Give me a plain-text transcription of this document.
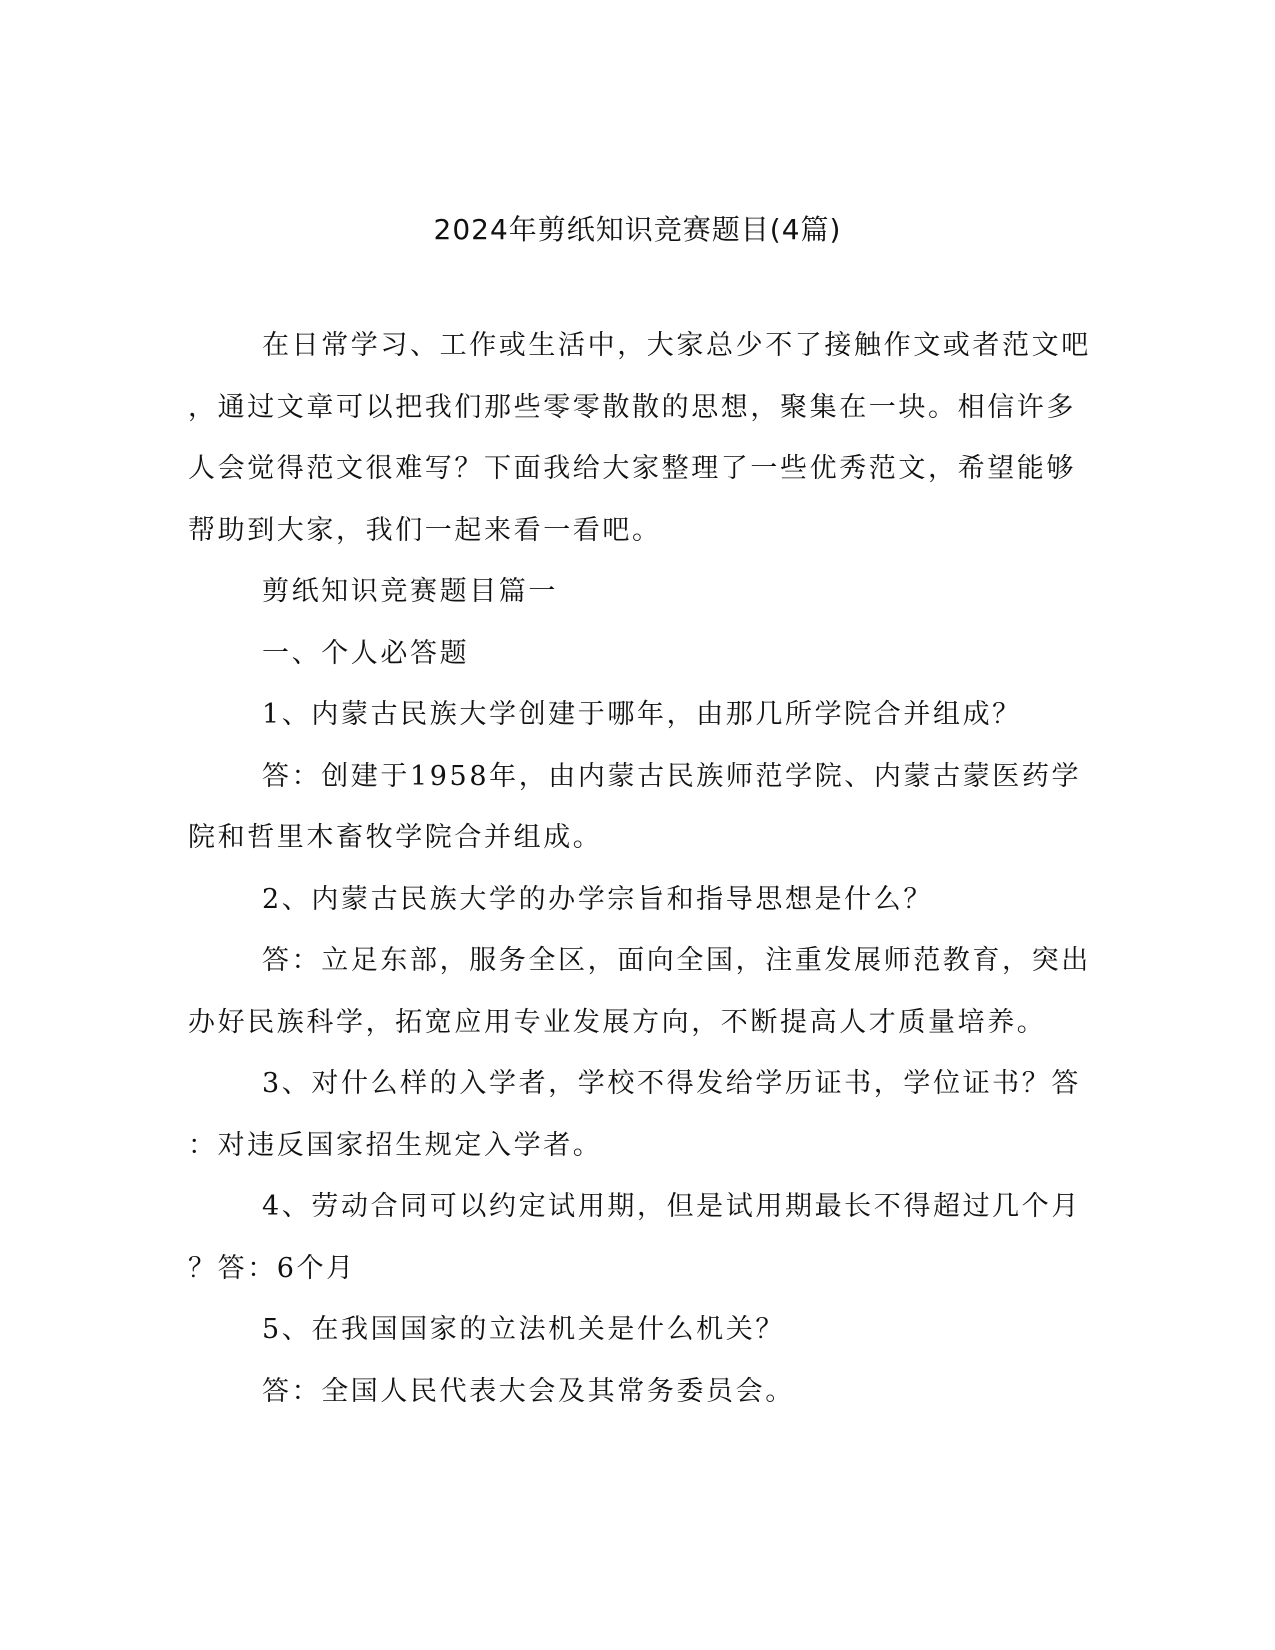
2024年剪纸知识竞赛题目(4篇)
在日常学习、工作或生活中，大家总少不了接触作文或者范文吧
，通过文章可以把我们那些零零散散的思想，聚集在一块。相信许多
人会觉得范文很难写？下面我给大家整理了一些优秀范文，希望能够
帮助到大家，我们一起来看一看吧。
剪纸知识竞赛题目篇一
一、个人必答题
1、内蒙古民族大学创建于哪年，由那几所学院合并组成？
答：创建于1958年，由内蒙古民族师范学院、内蒙古蒙医药学
院和哲里木畜牧学院合并组成。
2、内蒙古民族大学的办学宗旨和指导思想是什么？
答：立足东部，服务全区，面向全国，注重发展师范教育，突出
办好民族科学，拓宽应用专业发展方向，不断提高人才质量培养。
3、对什么样的入学者，学校不得发给学历证书，学位证书？答
：对违反国家招生规定入学者。
4、劳动合同可以约定试用期，但是试用期最长不得超过几个月
？答：6个月
5、在我国国家的立法机关是什么机关？
答：全国人民代表大会及其常务委员会。
